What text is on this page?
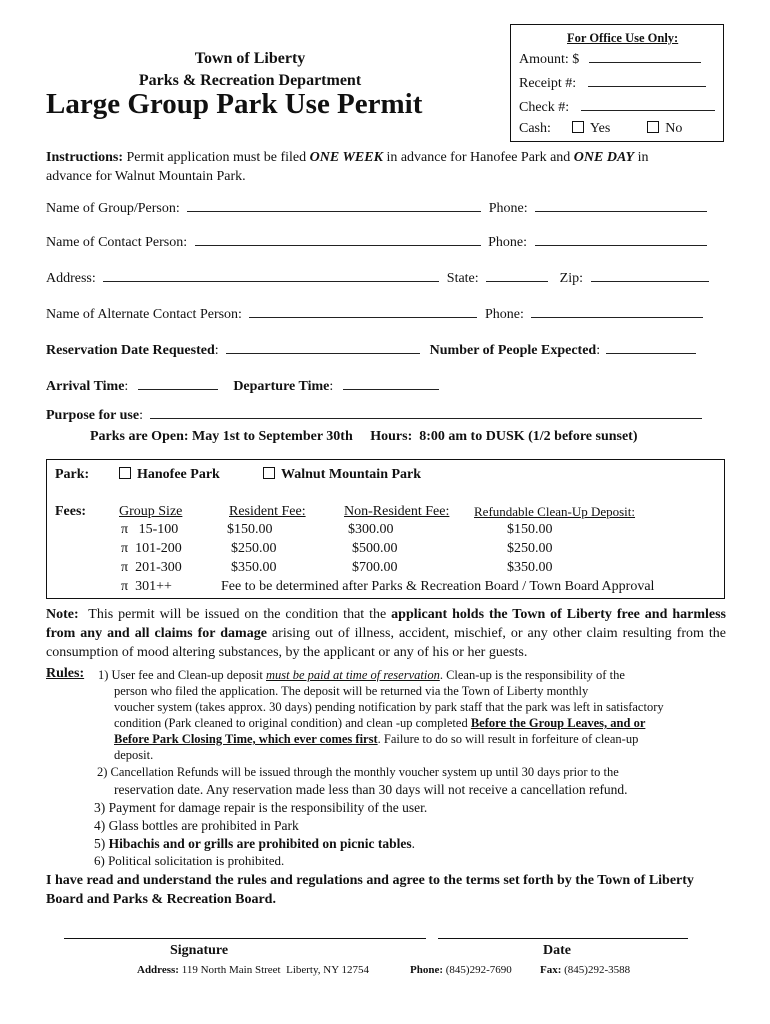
For Office Use Only:
Amount: $
Receipt #:
Check #:
Cash:	Yes	No
Town of Liberty
Parks & Recreation Department
Large Group Park Use Permit
Instructions: Permit application must be filed ONE WEEK in advance for Hanofee Park and ONE DAY in
advance for Walnut Mountain Park.
Name of Group/Person:	Phone:
Name of Contact Person:	Phone:
Address:	State:	Zip:
Name of Alternate Contact Person:	Phone:
Reservation Date Requested:	Number of People Expected:
Arrival Time:	Departure Time:
Purpose for use:
Parks are Open: May 1st to September 30th     Hours:  8:00 am to DUSK (1/2 before sunset)
Park:	Hanofee Park	Walnut Mountain Park
Fees: Group Size	Resident Fee:	Non-Resident Fee: Refundable Clean-Up Deposit:
π 15-100	$150.00	$300.00	$150.00
π 101-200	$250.00	$500.00	$250.00
π 201-300	$350.00	$700.00	$350.00
π 301++	Fee to be determined after Parks & Recreation Board / Town Board Approval
Note:  This permit will be issued on the condition that the applicant holds the Town of Liberty free and harmless from any and all claims for damage arising out of illness, accident, mischief, or any other claim resulting from the consumption of mood altering substances, by the applicant or any of his or her guests.
Rules: 1) User fee and Clean-up deposit must be paid at time of reservation. Clean-up is the responsibility of the
person who filed the application. The deposit will be returned via the Town of Liberty monthly
voucher system (takes approx. 30 days) pending notification by park staff that the park was left in satisfactory
condition (Park cleaned to original condition) and clean -up completed Before the Group Leaves, and or
Before Park Closing Time, which ever comes first. Failure to do so will result in forfeiture of clean-up
deposit.
2) Cancellation Refunds will be issued through the monthly voucher system up until 30 days prior to the
reservation date. Any reservation made less than 30 days will not receive a cancellation refund.
3) Payment for damage repair is the responsibility of the user.
4) Glass bottles are prohibited in Park
5) Hibachis and or grills are prohibited on picnic tables.
6) Political solicitation is prohibited.
I have read and understand the rules and regulations and agree to the terms set forth by the Town of Liberty Board and Parks & Recreation Board.
Signature	Date
Address: 119 North Main Street  Liberty, NY 12754	Phone: (845)292-7690	Fax: (845)292-3588
